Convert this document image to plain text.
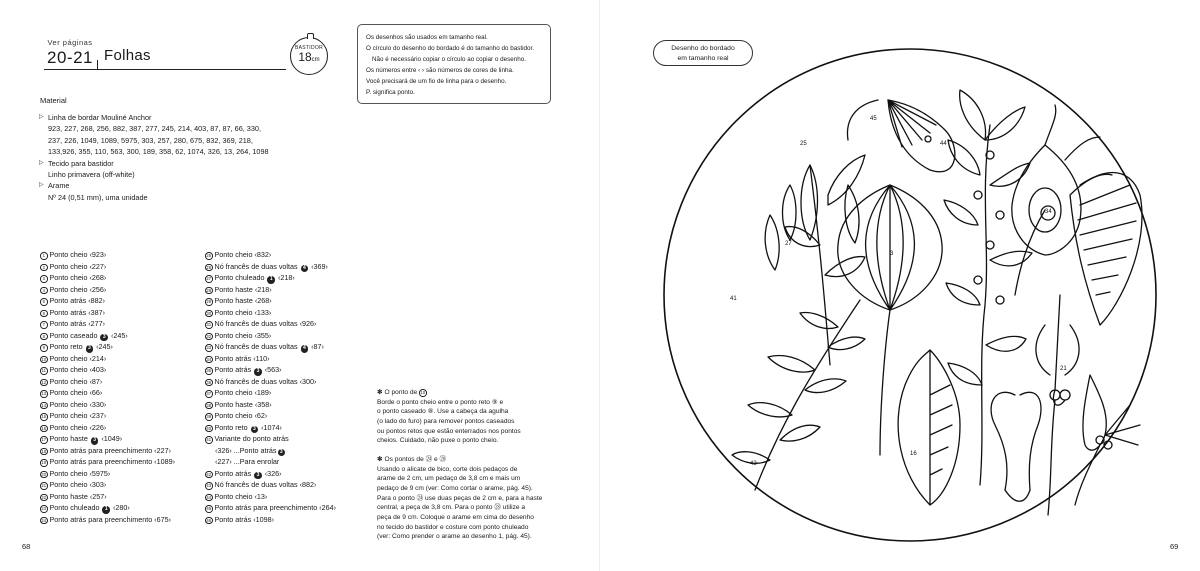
Ver páginas
20-21 Folhas	BASTIDOR
18cm
Os desenhos são usados em tamanho real.
O círculo do desenho do bordado é do tamanho do bastidor.
Não é necessário copiar o círculo ao copiar o desenho.
Os números entre ‹ › são números de cores de linha.
Você precisará de um fio de linha para o desenho.
P. significa ponto.
Material
▷ Linha de bordar Mouliné Anchor
923, 227, 268, 256, 882, 387, 277, 245, 214, 403, 87, 87, 66, 330,
237, 226, 1049, 1089, 5975, 303, 257, 280, 675, 832, 369, 218,
133,926, 355, 110, 563, 300, 189, 358, 62, 1074, 326, 13, 264, 1098
▷ Tecido para bastidor
Linho primavera (off-white)
▷ Arame
Nº 24 (0,51 mm), uma unidade
1 Ponto cheio ‹923›
2 Ponto cheio ‹227›
3 Ponto cheio ‹268›
4 Ponto cheio ‹256›
5 Ponto atrás ‹882›
6 Ponto atrás ‹387›
7 Ponto atrás ‹277›
8 Ponto caseado 3 ‹245›
9 Ponto reto 3 ‹245›
10 Ponto cheio ‹214›
11 Ponto cheio ‹403›
12 Ponto cheio ‹87›
13 Ponto cheio ‹66›
14 Ponto cheio ‹330›
15 Ponto cheio ‹237›
16 Ponto cheio ‹226›
17 Ponto haste 3 ‹1049›
18 Ponto atrás para preenchimento ‹227›
19 Ponto atrás para preenchimento ‹1089›
20 Ponto cheio ‹5975›
21 Ponto cheio ‹303›
22 Ponto haste ‹257›
23 Ponto chuleado 1 ‹280›
24 Ponto atrás para preenchimento ‹675›
25 Ponto cheio ‹832›
26 Nó francês de duas voltas 4 ‹369›
27 Ponto chuleado 1 ‹218›
28 Ponto haste ‹218›
29 Ponto haste ‹268›
30 Ponto cheio ‹133›
31 Nó francês de duas voltas ‹926›
32 Ponto cheio ‹355›
33 Nó francês de duas voltas 4 ‹87›
34 Ponto atrás ‹110›
35 Ponto atrás 3 ‹563›
36 Nó francês de duas voltas ‹300›
37 Ponto cheio ‹189›
38 Ponto haste ‹358›
39 Ponto cheio ‹62›
40 Ponto reto 3 ‹1074›
41 Variante do ponto atrás
‹326› ...Ponto atrás 3
‹227› ...Para enrolar
42 Ponto atrás 3 ‹326›
43 Nó francês de duas voltas ‹882›
44 Ponto cheio ‹13›
45 Ponto atrás para preenchimento ‹264›
46 Ponto atrás ‹1098›
✻ O ponto de 10
Borde o ponto cheio entre o ponto reto ⑨ e
o ponto caseado ⑧. Use a cabeça da agulha
(o lado do furo) para remover pontos caseados
ou pontos retos que estão enterrados nos pontos
cheios. Cuidado, não puxe o ponto cheio.
✻ Os pontos de ㉔ e ㉘
Usando o alicate de bico, corte dois pedaços de
arame de 2 cm, um pedaço de 3,8 cm e mais um
pedaço de 9 cm (ver: Como cortar o arame, pág. 45).
Para o ponto ㉔ use duas peças de 2 cm e, para a haste
central, a peça de 3,8 cm. Para o ponto ㉘ utilize a
peça de 9 cm. Coloque o arame em cima do desenho
no tecido do bastidor e costure com ponto chuleado
(ver: Como prender o arame ao desenho 1, pág. 45).
68
25
27
45
44
3
34
16
21
42
41
Desenho do bordado
em tamanho real
69
